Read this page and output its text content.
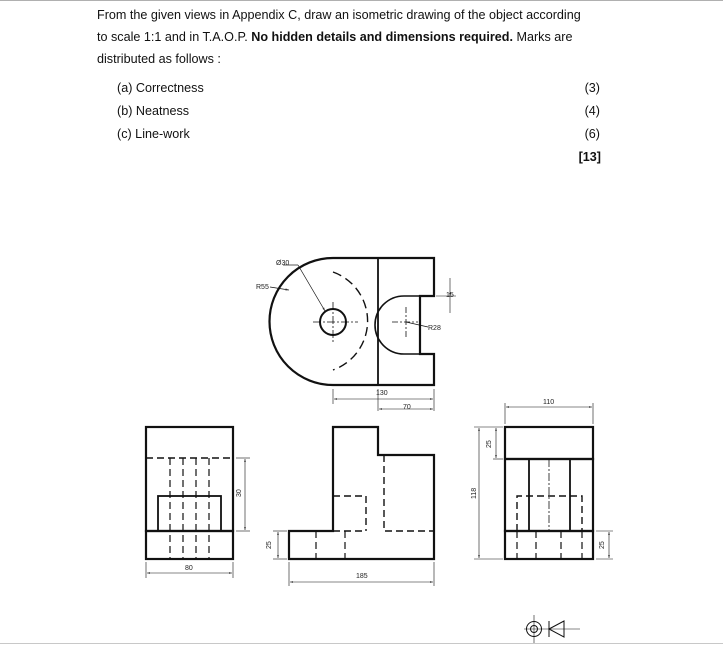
From the given views in Appendix C, draw an isometric drawing of the object according
to scale 1:1 and in T.A.O.P. No hidden details and dimensions required. Marks are
distributed as follows :
(a) Correctness	(3)
(b) Neatness	(4)
(c) Line-work	(6)
[13]
Ø30
R55
15
R28
130
70
30
80
25
185
110
25
118
25
